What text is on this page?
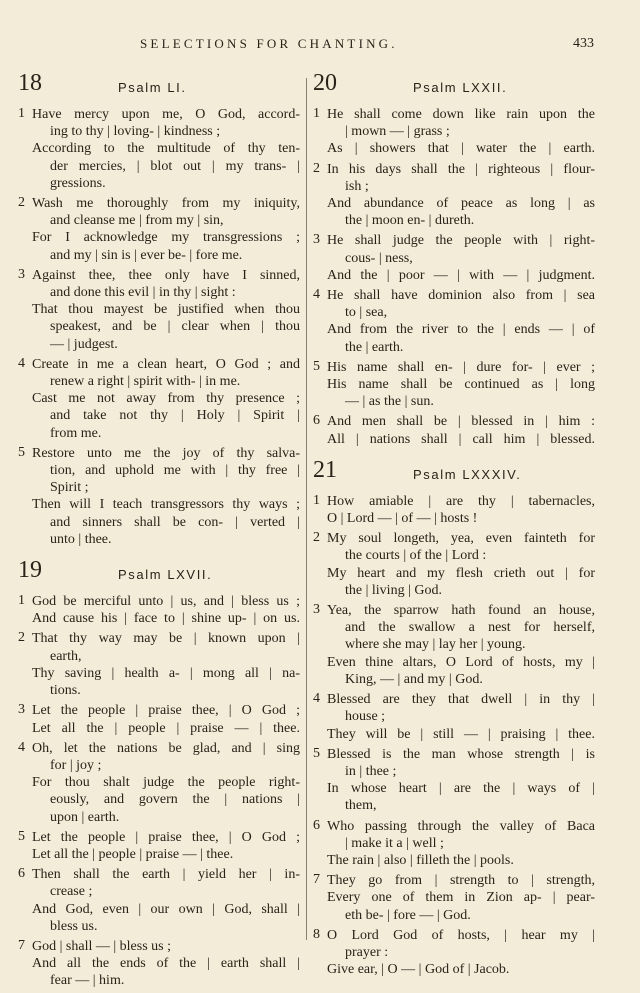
SELECTIONS FOR CHANTING.	433
18	Psalm LI.
1 Have mercy upon me, O God, accord-
ing to thy | loving- | kindness ;
According to the multitude of thy ten-
der mercies, | blot out | my trans- |
gressions.
2 Wash me thoroughly from my iniquity,
and cleanse me | from my | sin,
For I acknowledge my transgressions ;
and my | sin is | ever be- | fore me.
3 Against thee, thee only have I sinned,
and done this evil | in thy | sight :
That thou mayest be justified when thou
speakest, and be | clear when | thou
— | judgest.
4 Create in me a clean heart, O God ; and
renew a right | spirit with- | in me.
Cast me not away from thy presence ;
and take not thy | Holy | Spirit |
from me.
5 Restore unto me the joy of thy salva-
tion, and uphold me with | thy free |
Spirit ;
Then will I teach transgressors thy ways ;
and sinners shall be con- | verted |
unto | thee.
19	Psalm LXVII.
1 God be merciful unto | us, and | bless us ;
And cause his | face to | shine up- | on us.
2 That thy way may be | known upon |
earth,
Thy saving | health a- | mong all | na-
tions.
3 Let the people | praise thee, | O God ;
Let all the | people | praise — | thee.
4 Oh, let the nations be glad, and | sing
for | joy ;
For thou shalt judge the people right-
eously, and govern the | nations |
upon | earth.
5 Let the people | praise thee, | O God ;
Let all the | people | praise — | thee.
6 Then shall the earth | yield her | in-
crease ;
And God, even | our own | God, shall |
bless us.
7 God | shall — | bless us ;
And all the ends of the | earth shall |
fear — | him.
20	Psalm LXXII.
1 He shall come down like rain upon the
| mown — | grass ;
As | showers that | water the | earth.
2 In his days shall the | righteous | flour-
ish ;
And abundance of peace as long | as
the | moon en- | dureth.
3 He shall judge the people with | right-
cous- | ness,
And the | poor — | with — | judgment.
4 He shall have dominion also from | sea
to | sea,
And from the river to the | ends — | of
the | earth.
5 His name shall en- | dure for- | ever ;
His name shall be continued as | long
— | as the | sun.
6 And men shall be | blessed in | him :
All | nations shall | call him | blessed.
21	Psalm LXXXIV.
1 How amiable | are thy | tabernacles,
O | Lord — | of — | hosts !
2 My soul longeth, yea, even fainteth for
the courts | of the | Lord :
My heart and my flesh crieth out | for
the | living | God.
3 Yea, the sparrow hath found an house,
and the swallow a nest for herself,
where she may | lay her | young.
Even thine altars, O Lord of hosts, my |
King, — | and my | God.
4 Blessed are they that dwell | in thy |
house ;
They will be | still — | praising | thee.
5 Blessed is the man whose strength | is
in | thee ;
In whose heart | are the | ways of |
them,
6 Who passing through the valley of Baca
| make it a | well ;
The rain | also | filleth the | pools.
7 They go from | strength to | strength,
Every one of them in Zion ap- | pear-
eth be- | fore — | God.
8 O Lord God of hosts, | hear my |
prayer :
Give ear, | O — | God of | Jacob.
